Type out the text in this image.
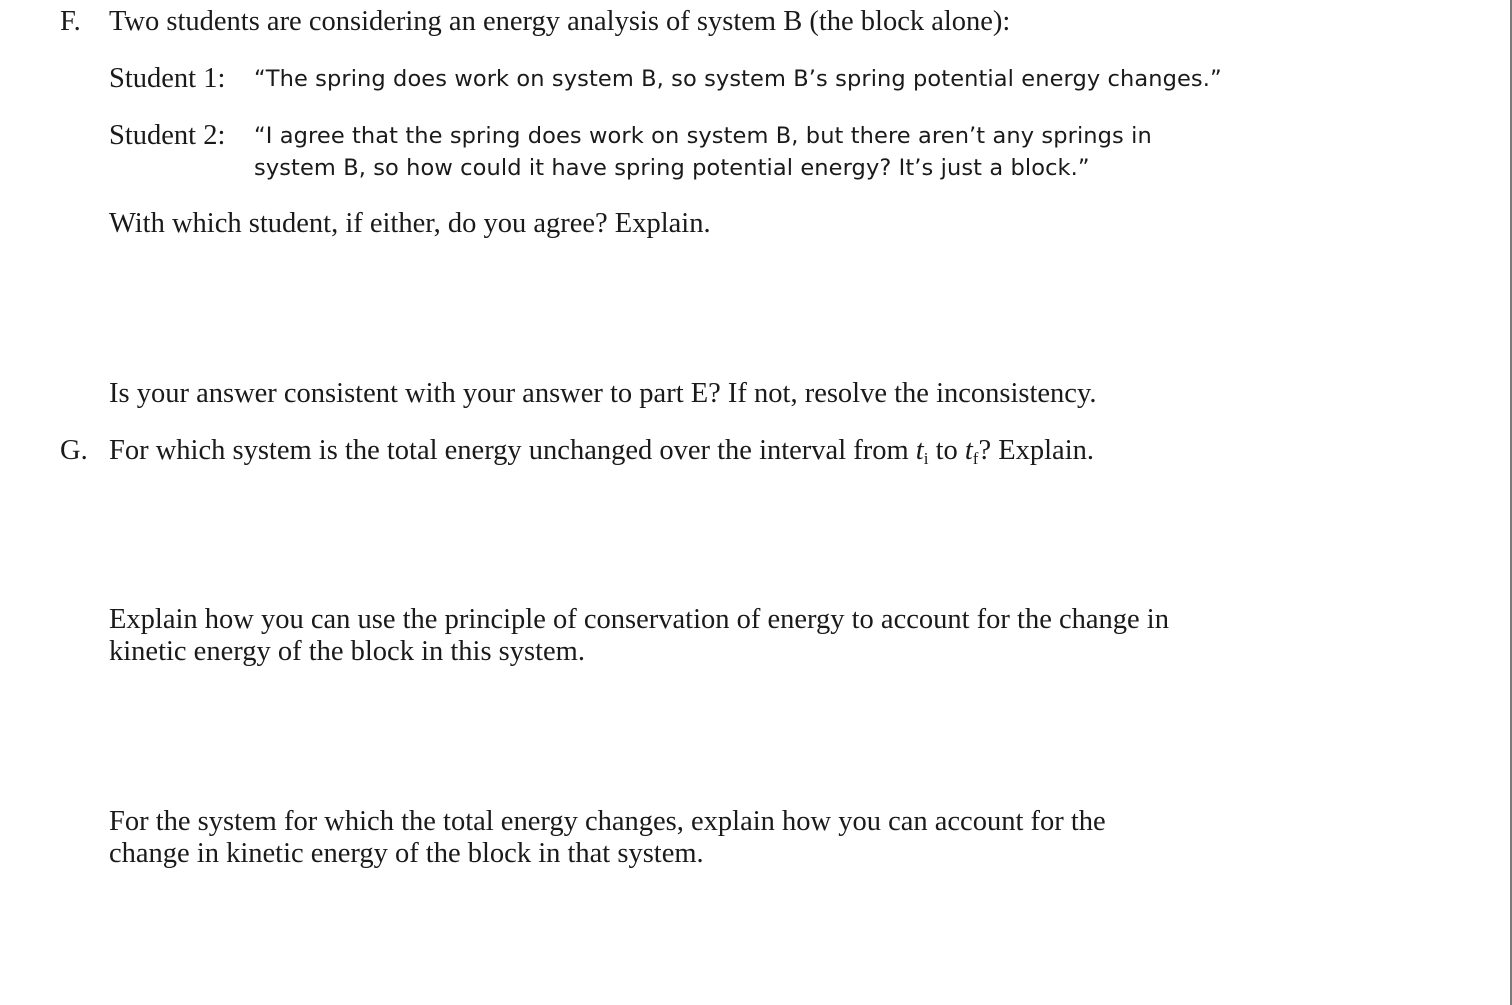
F. Two students are considering an energy analysis of system B (the block alone):
Student 1: “The spring does work on system B, so system B’s spring potential energy changes.”
Student 2: “I agree that the spring does work on system B, but there aren’t any springs in
system B, so how could it have spring potential energy? It’s just a block.”
With which student, if either, do you agree? Explain.
Is your answer consistent with your answer to part E? If not, resolve the inconsistency.
G. For which system is the total energy unchanged over the interval from $t_i$ to $t_f$? Explain.
Explain how you can use the principle of conservation of energy to account for the change in
kinetic energy of the block in this system.
For the system for which the total energy changes, explain how you can account for the
change in kinetic energy of the block in that system.
